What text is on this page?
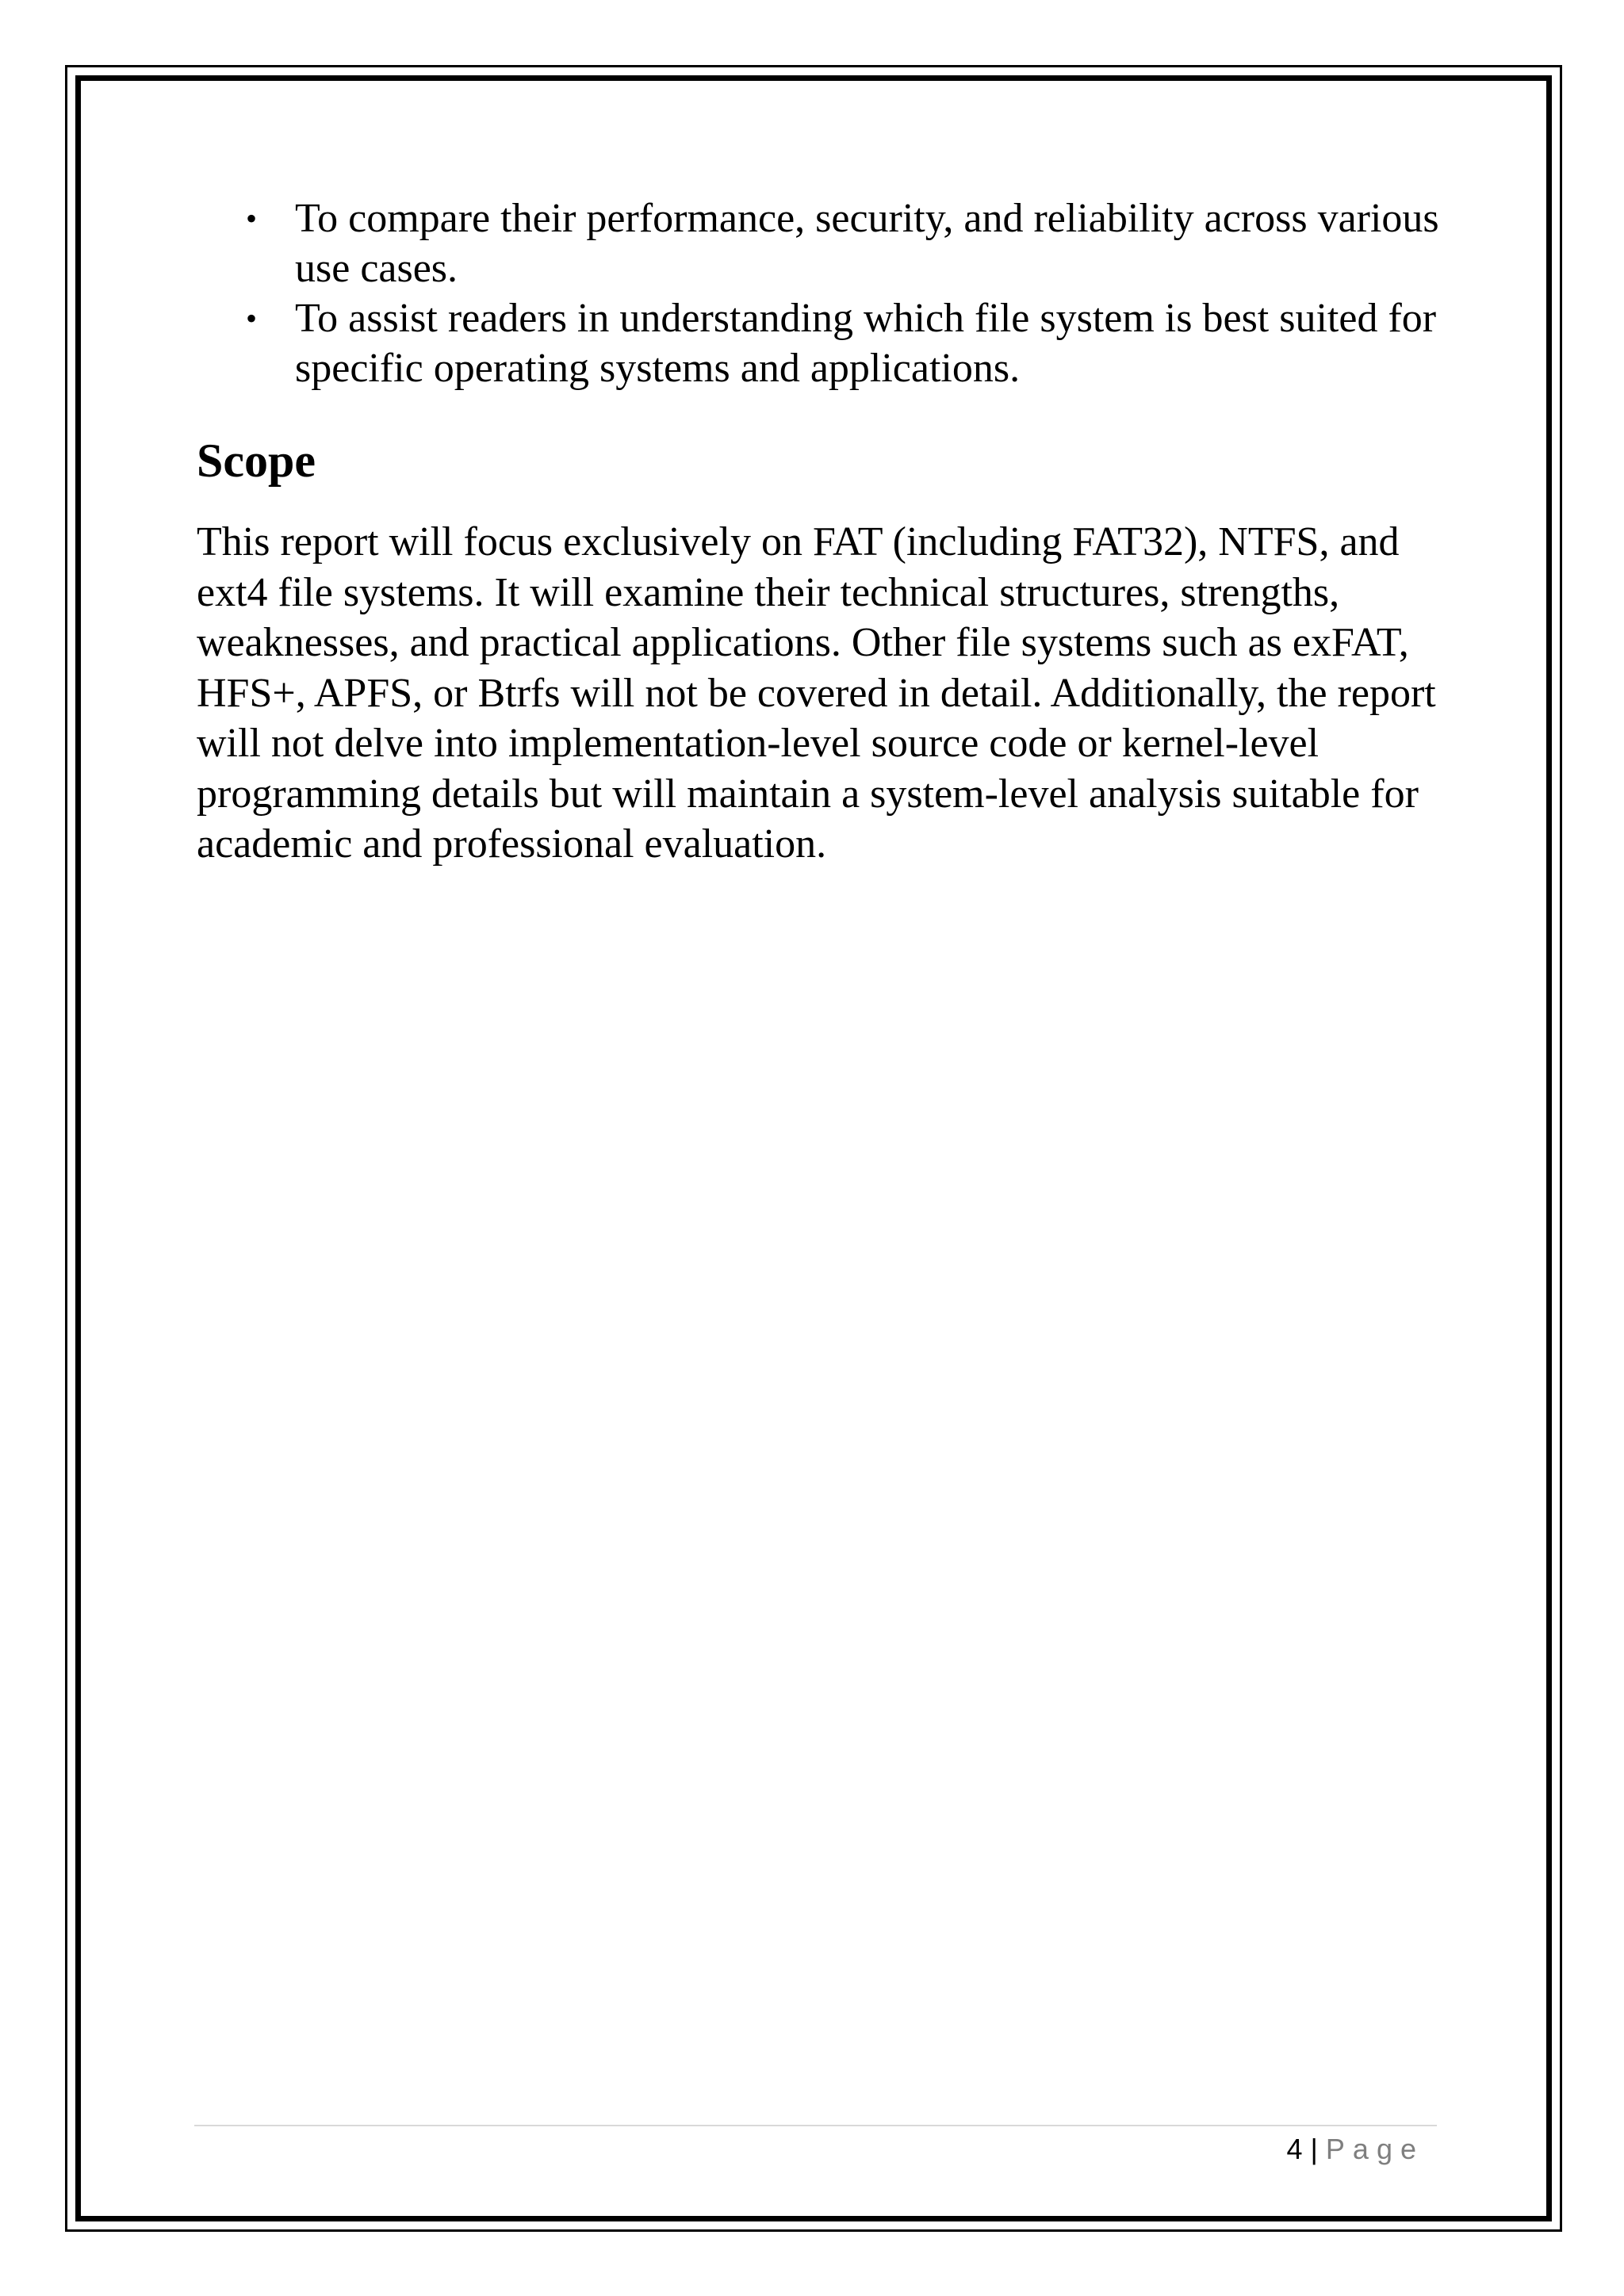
• To compare their performance, security, and reliability across various use cases.
• To assist readers in understanding which file system is best suited for specific operating systems and applications.
Scope

This report will focus exclusively on FAT (including FAT32), NTFS, and ext4 file systems. It will examine their technical structures, strengths, weaknesses, and practical applications. Other file systems such as exFAT, HFS+, APFS, or Btrfs will not be covered in detail. Additionally, the report will not delve into implementation-level source code or kernel-level programming details but will maintain a system-level analysis suitable for academic and professional evaluation.

4 | Page
